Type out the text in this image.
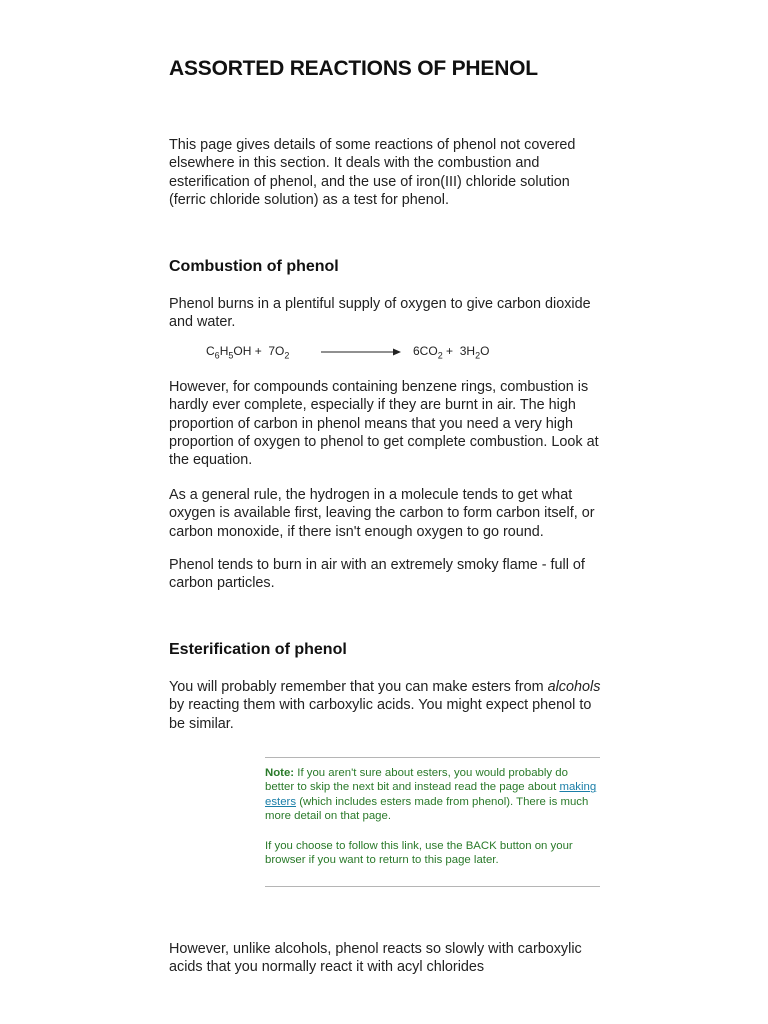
ASSORTED REACTIONS OF PHENOL

This page gives details of some reactions of phenol not covered elsewhere in this section. It deals with the combustion and esterification of phenol, and the use of iron(III) chloride solution (ferric chloride solution) as a test for phenol.

Combustion of phenol

Phenol burns in a plentiful supply of oxygen to give carbon dioxide and water.

$C_6H_5OH + 7O_2$	$6CO_2 + 3H_2O$

However, for compounds containing benzene rings, combustion is hardly ever complete, especially if they are burnt in air. The high proportion of carbon in phenol means that you need a very high proportion of oxygen to phenol to get complete combustion. Look at the equation.

As a general rule, the hydrogen in a molecule tends to get what oxygen is available first, leaving the carbon to form carbon itself, or carbon monoxide, if there isn't enough oxygen to go round.

Phenol tends to burn in air with an extremely smoky flame - full of carbon particles.

Esterification of phenol

You will probably remember that you can make esters from alcohols by reacting them with carboxylic acids. You might expect phenol to be similar.

Note: If you aren't sure about esters, you would probably do better to skip the next bit and instead read the page about making esters (which includes esters made from phenol). There is much more detail on that page.

If you choose to follow this link, use the BACK button on your browser if you want to return to this page later.

However, unlike alcohols, phenol reacts so slowly with carboxylic acids that you normally react it with acyl chlorides
